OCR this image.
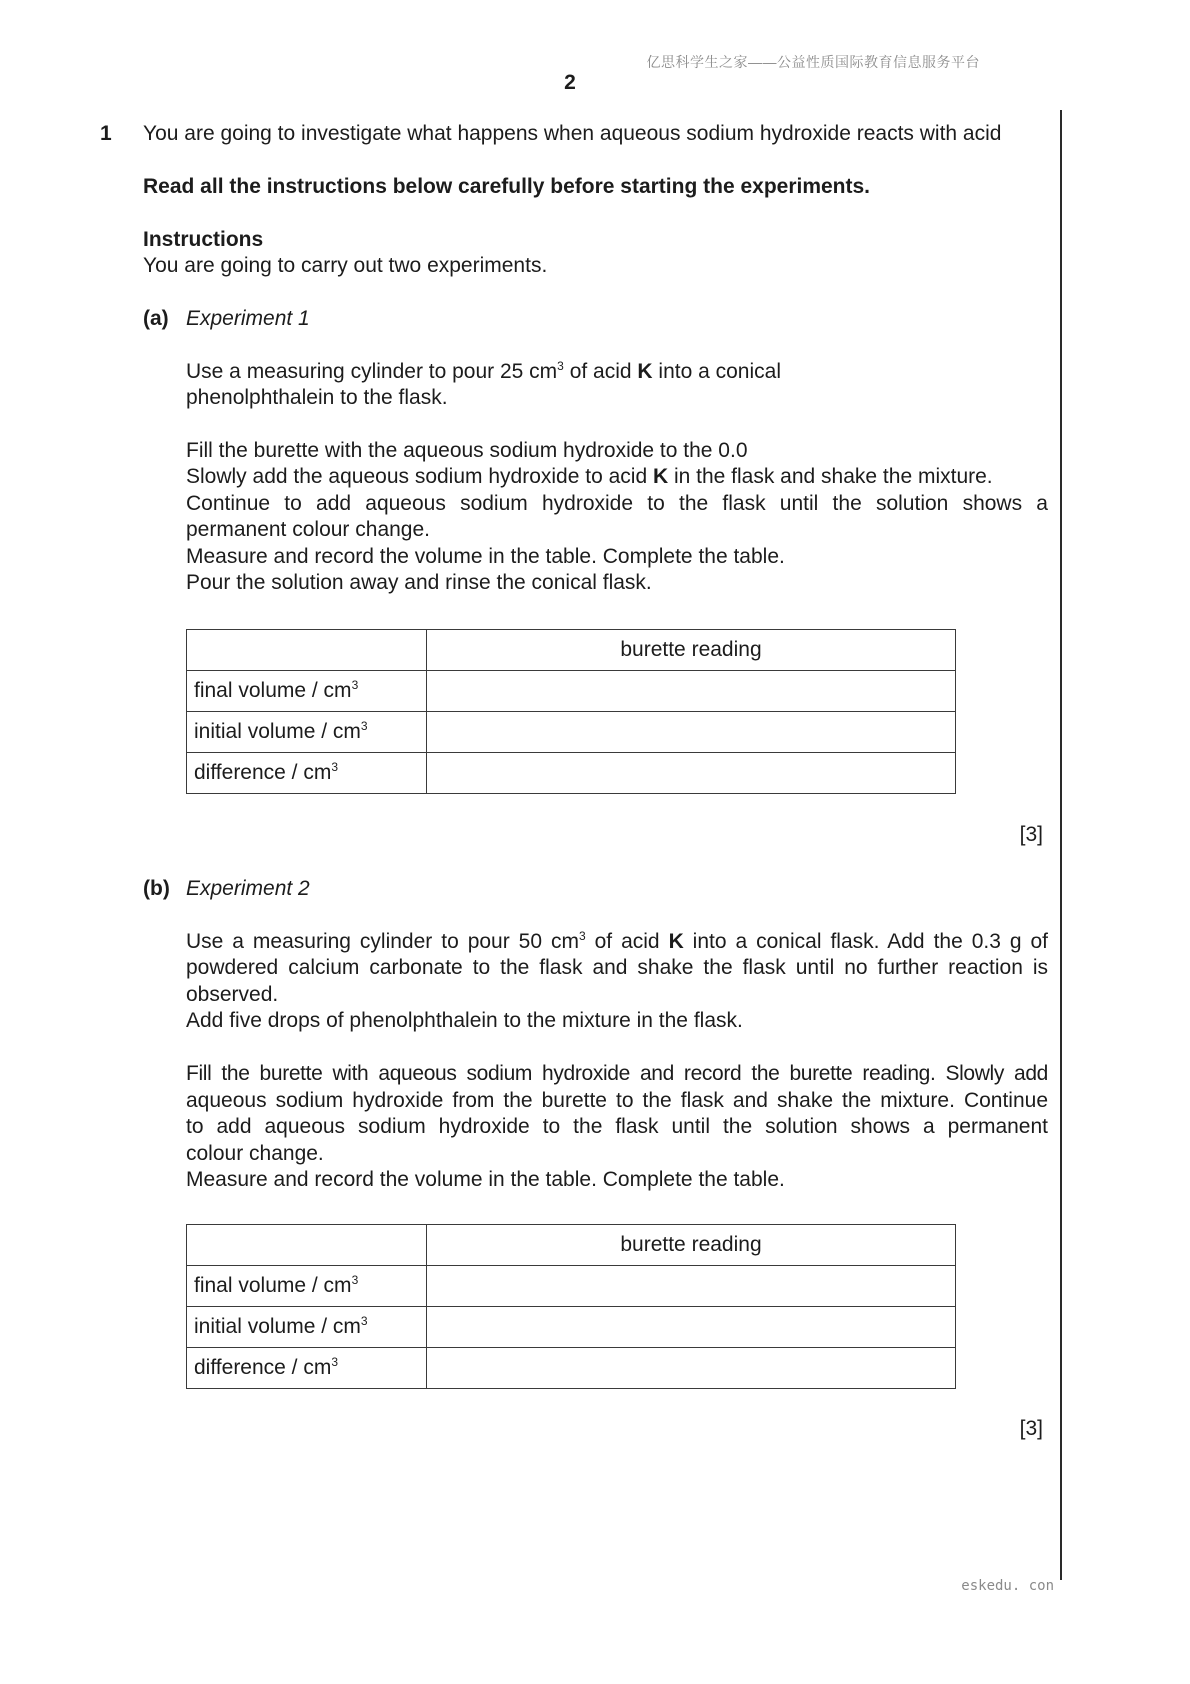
亿思科学生之家——公益性质国际教育信息服务平台
2
1 You are going to investigate what happens when aqueous sodium hydroxide reacts with acid
Read all the instructions below carefully before starting the experiments.
Instructions
You are going to carry out two experiments.
(a) Experiment 1
Use a measuring cylinder to pour 25 $cm^3$ of acid K into a conical
phenolphthalein to the flask.
Fill the burette with the aqueous sodium hydroxide to the 0.0
Slowly add the aqueous sodium hydroxide to acid K in the flask and shake the mixture.
Continue to add aqueous sodium hydroxide to the flask until the solution shows a
permanent colour change.
Measure and record the volume in the table. Complete the table.
Pour the solution away and rinse the conical flask.
	burette reading
final volume / $cm^3$	
initial volume / $cm^3$	
difference / $cm^3$	
[3]
(b) Experiment 2
Use a measuring cylinder to pour 50 $cm^3$ of acid K into a conical flask. Add the 0.3 g of
powdered calcium carbonate to the flask and shake the flask until no further reaction is
observed.
Add five drops of phenolphthalein to the mixture in the flask.
Fill the burette with aqueous sodium hydroxide and record the burette reading. Slowly add
aqueous sodium hydroxide from the burette to the flask and shake the mixture. Continue
to add aqueous sodium hydroxide to the flask until the solution shows a permanent
colour change.
Measure and record the volume in the table. Complete the table.
	burette reading
final volume / $cm^3$	
initial volume / $cm^3$	
difference / $cm^3$	
[3]
eskedu. con
